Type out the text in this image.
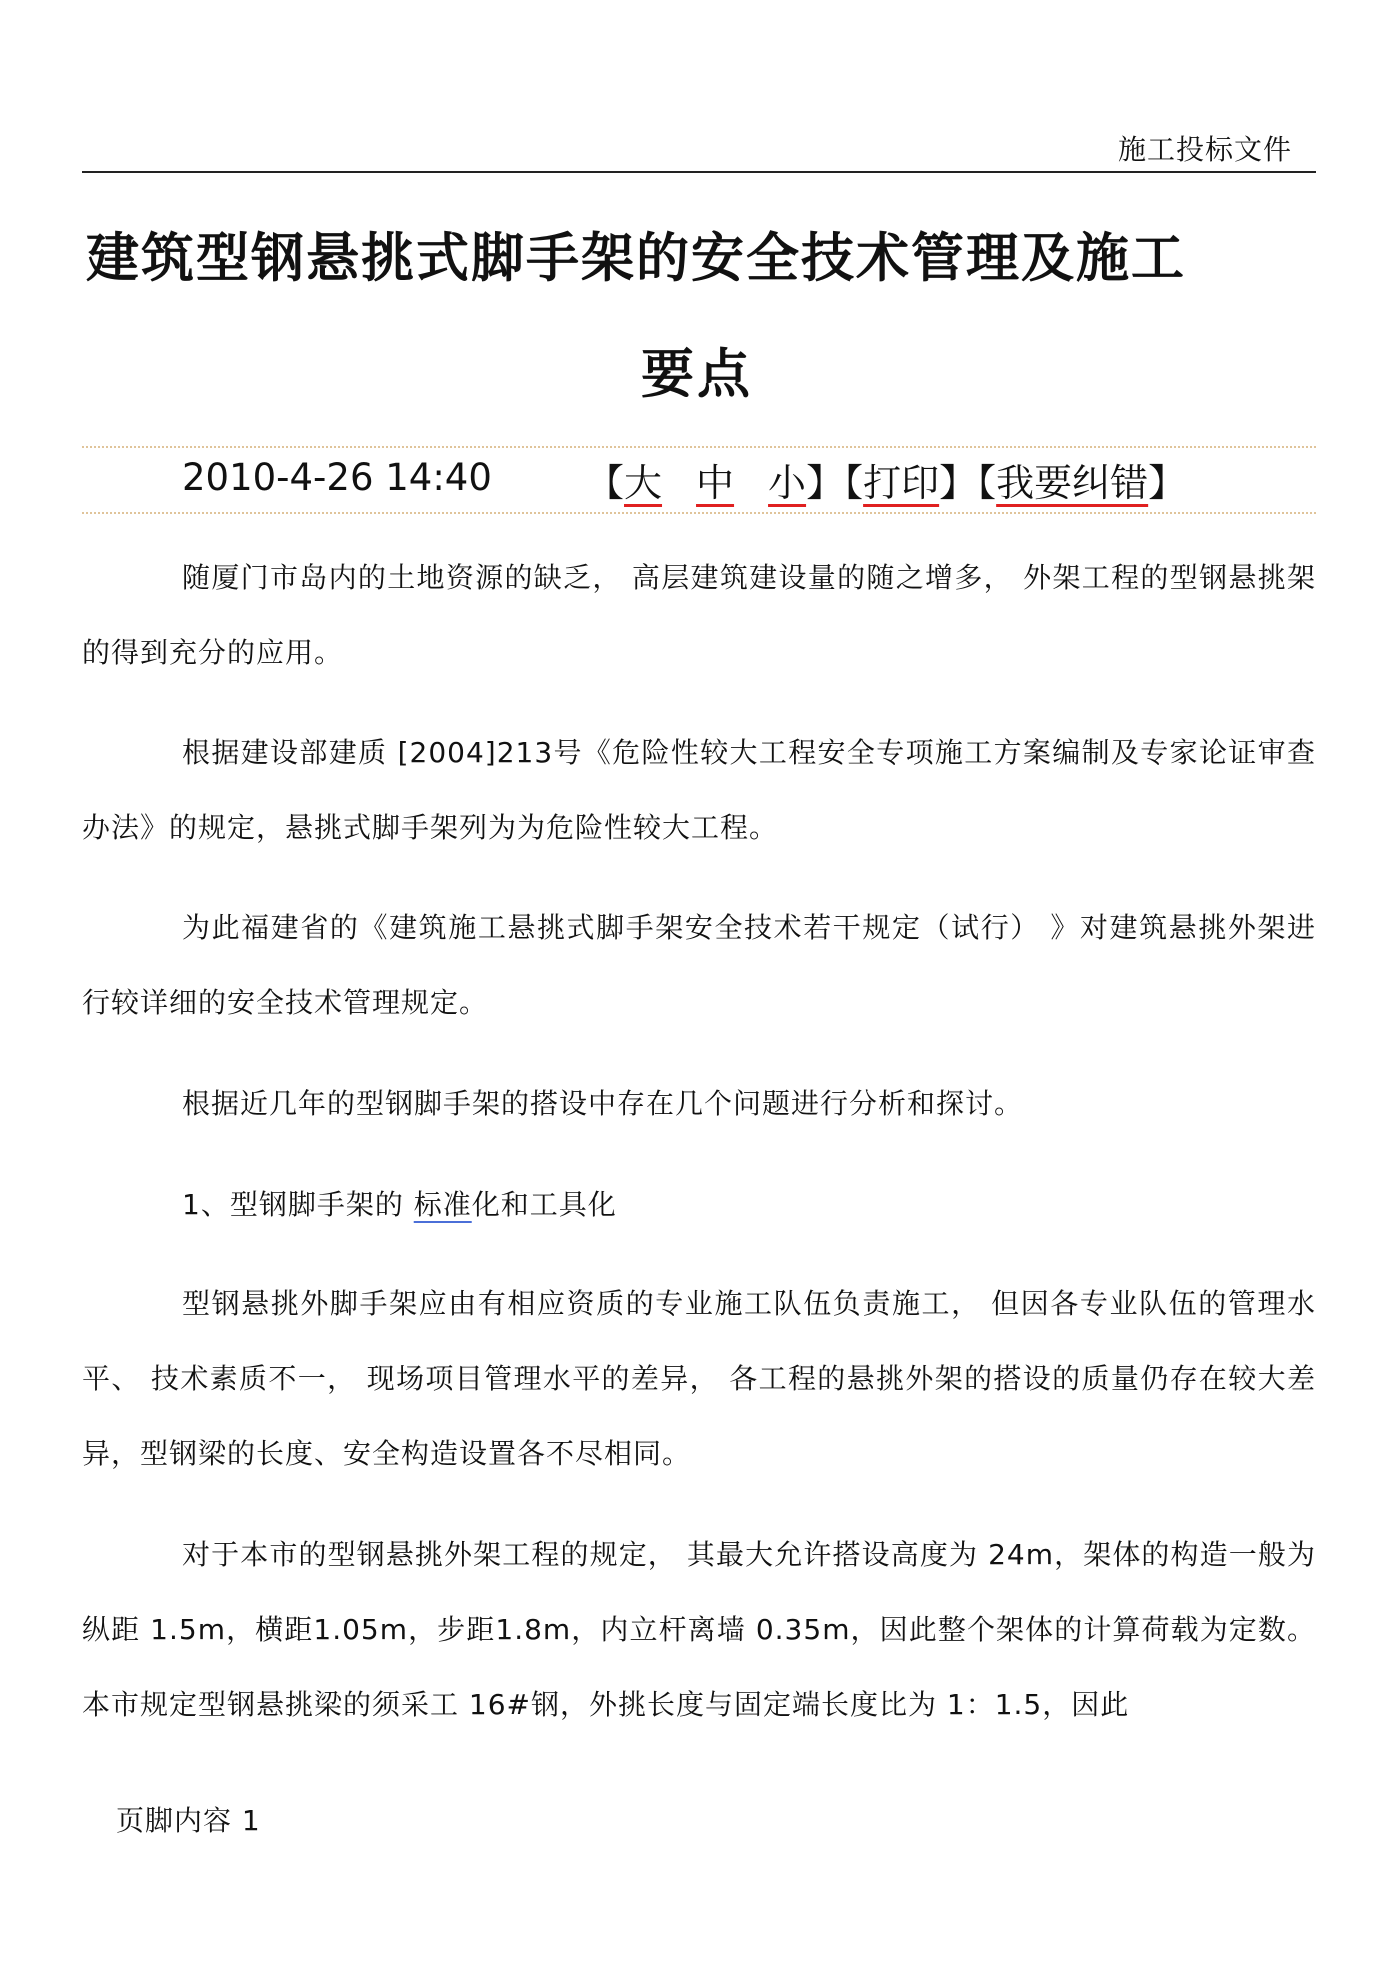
施工投标文件
建筑型钢悬挑式脚手架的安全技术管理及施工
要点
2010-4-26 14:40 【大 中 小】【打印】【我要纠错】
随厦门市岛内的土地资源的缺乏， 高层建筑建设量的随之增多， 外架工程的型钢悬挑架的得到充分的应用。
根据建设部建质 [2004]213号《危险性较大工程安全专项施工方案编制及专家论证审查办法》的规定，悬挑式脚手架列为为危险性较大工程。
为此福建省的《建筑施工悬挑式脚手架安全技术若干规定（试行） 》对建筑悬挑外架进行较详细的安全技术管理规定。
根据近几年的型钢脚手架的搭设中存在几个问题进行分析和探讨。
1、型钢脚手架的 标准化和工具化
型钢悬挑外脚手架应由有相应资质的专业施工队伍负责施工， 但因各专业队伍的管理水平、 技术素质不一， 现场项目管理水平的差异， 各工程的悬挑外架的搭设的质量仍存在较大差异，型钢梁的长度、安全构造设置各不尽相同。
对于本市的型钢悬挑外架工程的规定， 其最大允许搭设高度为 24m，架体的构造一般为纵距 1.5m，横距1.05m，步距1.8m，内立杆离墙 0.35m，因此整个架体的计算荷载为定数。本市规定型钢悬挑梁的须采工 16#钢，外挑长度与固定端长度比为 1：1.5，因此
页脚内容 1
